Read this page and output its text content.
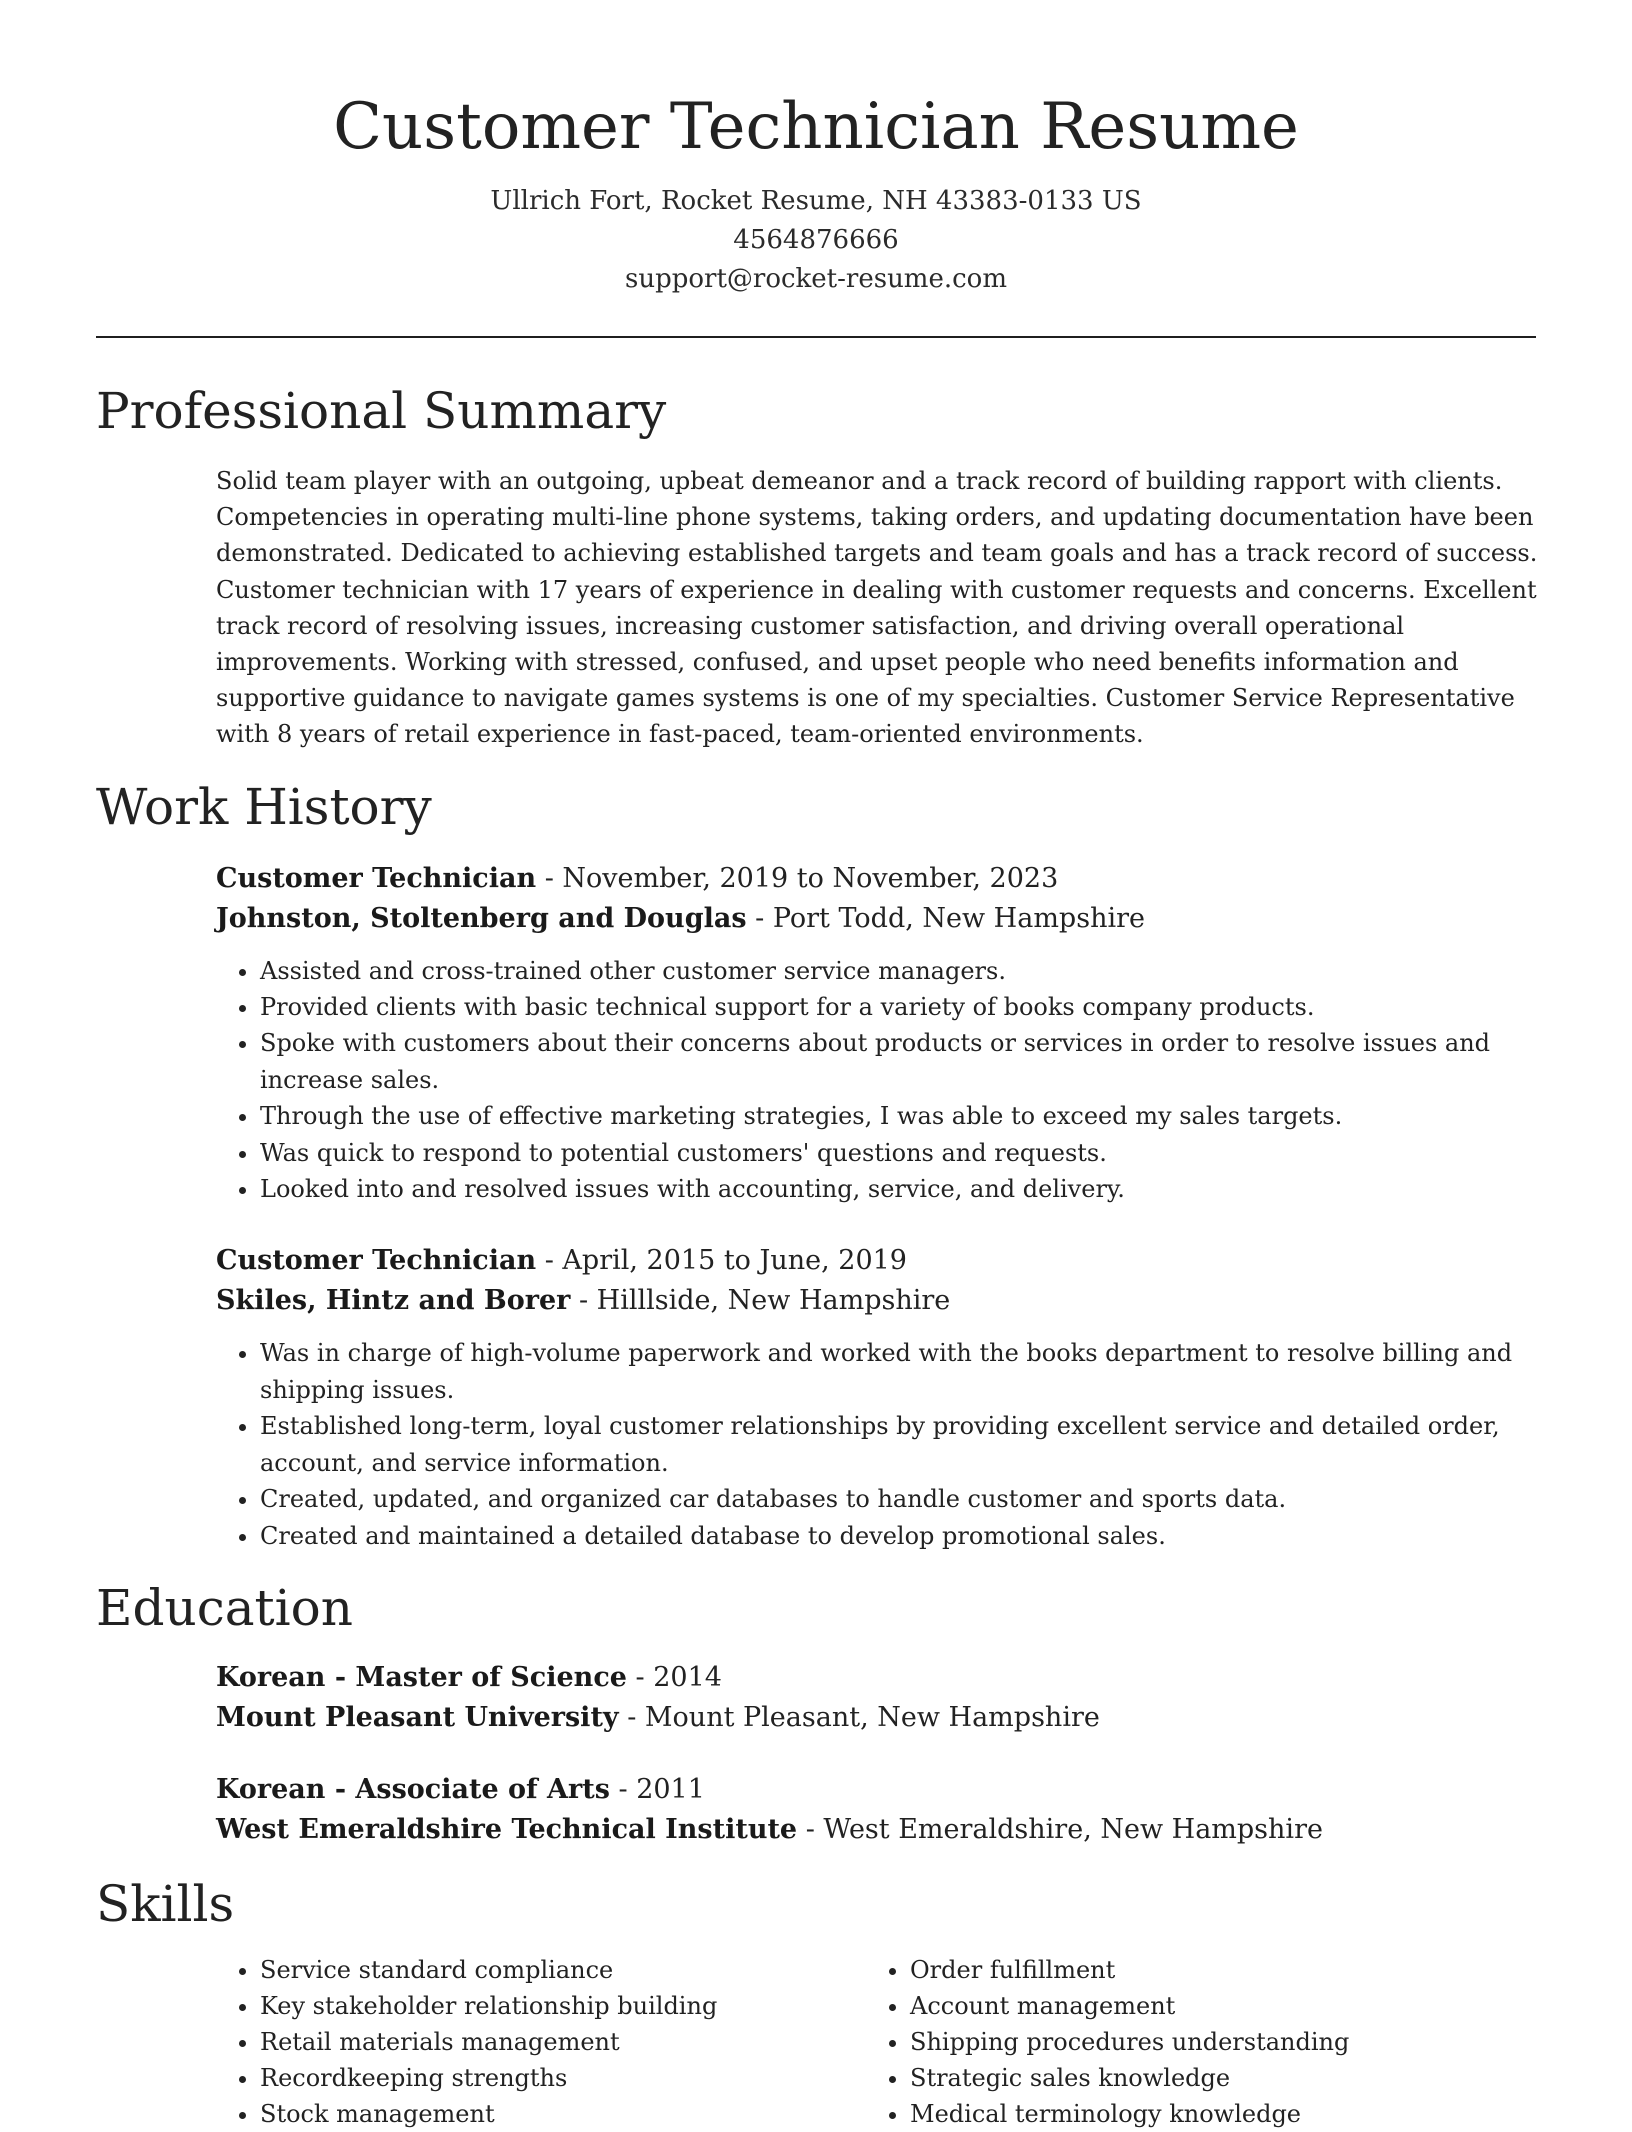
Customer Technician Resume
Ullrich Fort, Rocket Resume, NH 43383-0133 US
4564876666
support@rocket-resume.com
Professional Summary

Solid team player with an outgoing, upbeat demeanor and a track record of building rapport with clients. Competencies in operating multi-line phone systems, taking orders, and updating documentation have been demonstrated. Dedicated to achieving established targets and team goals and has a track record of success. Customer technician with 17 years of experience in dealing with customer requests and concerns. Excellent track record of resolving issues, increasing customer satisfaction, and driving overall operational improvements. Working with stressed, confused, and upset people who need benefits information and supportive guidance to navigate games systems is one of my specialties. Customer Service Representative with 8 years of retail experience in fast-paced, team-oriented environments.

Work History
Customer Technician - November, 2019 to November, 2023
Johnston, Stoltenberg and Douglas - Port Todd, New Hampshire
• Assisted and cross-trained other customer service managers.
• Provided clients with basic technical support for a variety of books company products.
• Spoke with customers about their concerns about products or services in order to resolve issues and increase sales.
• Through the use of effective marketing strategies, I was able to exceed my sales targets.
• Was quick to respond to potential customers' questions and requests.
• Looked into and resolved issues with accounting, service, and delivery.
Customer Technician - April, 2015 to June, 2019
Skiles, Hintz and Borer - Hilllside, New Hampshire
• Was in charge of high-volume paperwork and worked with the books department to resolve billing and shipping issues.
• Established long-term, loyal customer relationships by providing excellent service and detailed order, account, and service information.
• Created, updated, and organized car databases to handle customer and sports data.
• Created and maintained a detailed database to develop promotional sales.
Education
Korean - Master of Science - 2014
Mount Pleasant University - Mount Pleasant, New Hampshire
Korean - Associate of Arts - 2011
West Emeraldshire Technical Institute - West Emeraldshire, New Hampshire
Skills
• Service standard compliance
• Key stakeholder relationship building
• Retail materials management
• Recordkeeping strengths
• Stock management
• Order fulfillment
• Account management
• Shipping procedures understanding
• Strategic sales knowledge
• Medical terminology knowledge
